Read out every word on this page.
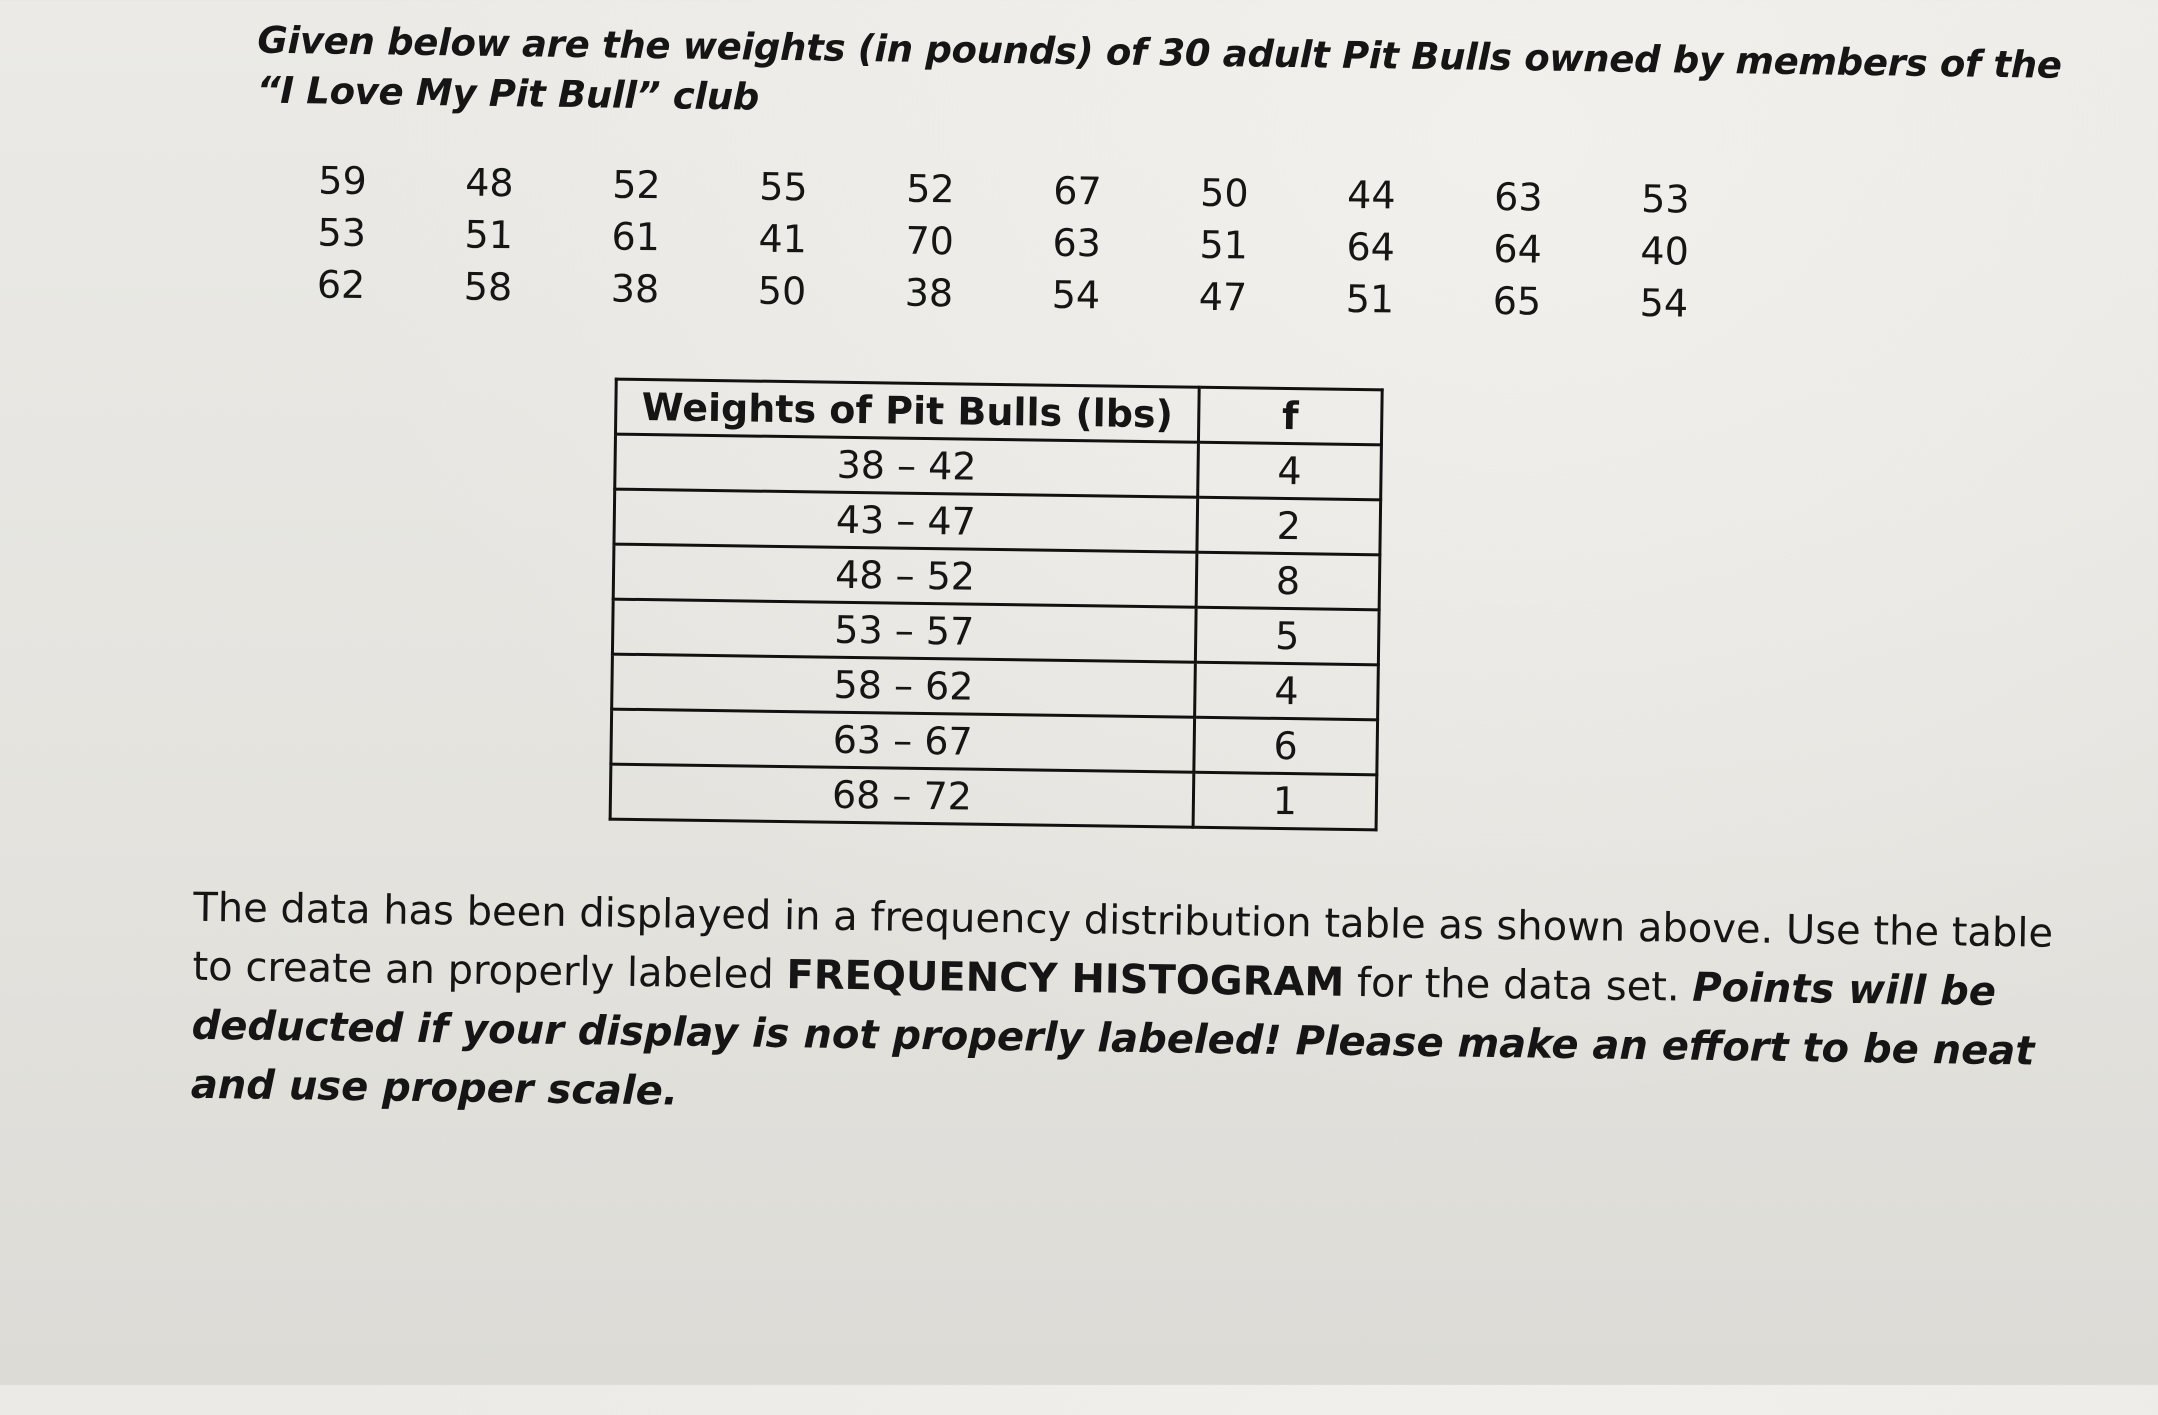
Given below are the weights (in pounds) of 30 adult Pit Bulls owned by members of the “I Love My Pit Bull” club

59	48	52	55	52	67	50	44	63	53
53	51	61	41	70	63	51	64	64	40
62	58	38	50	38	54	47	51	65	54
Weights of Pit Bulls (lbs)	f
38 – 42	4
43 – 47	2
48 – 52	8
53 – 57	5
58 – 62	4
63 – 67	6
68 – 72	1

The data has been displayed in a frequency distribution table as shown above. Use the table to create an properly labeled FREQUENCY HISTOGRAM for the data set. Points will be deducted if your display is not properly labeled! Please make an effort to be neat and use proper scale.
